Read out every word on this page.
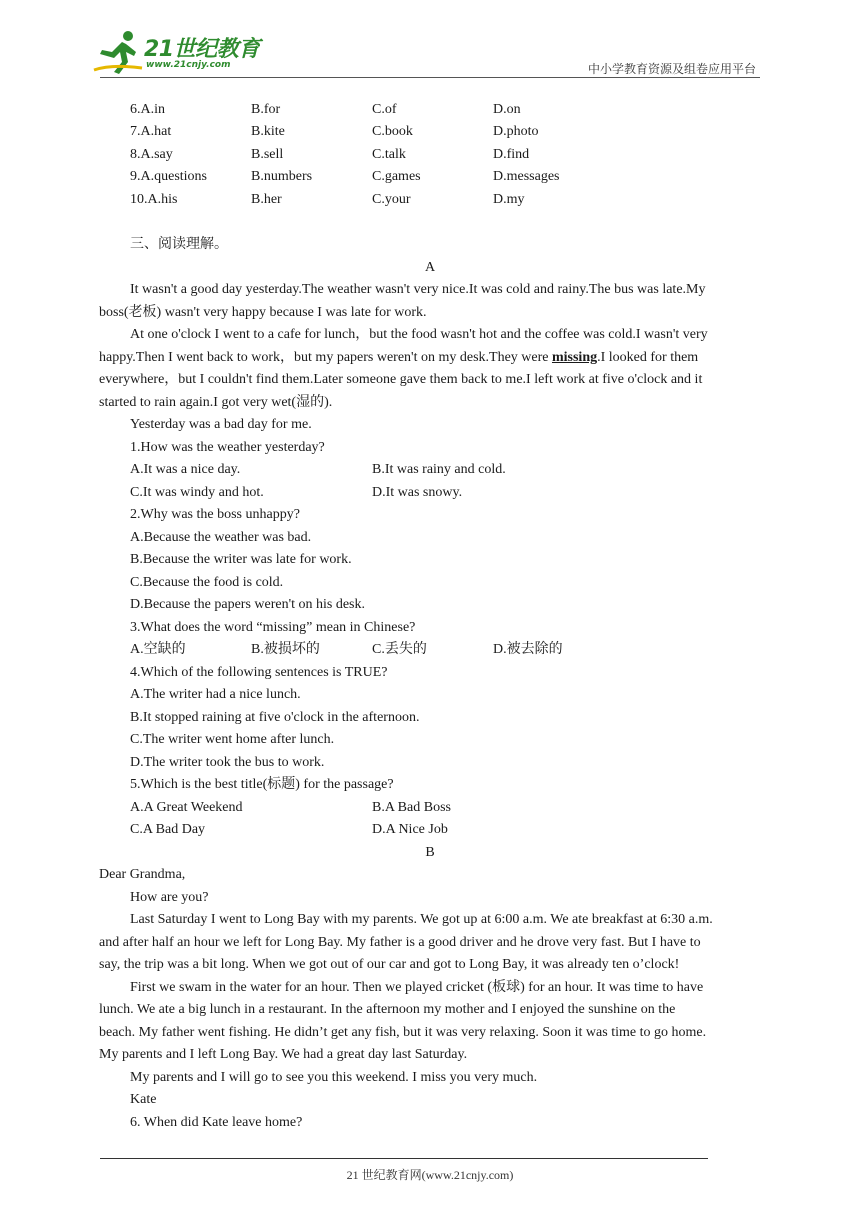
21世纪教育
www.21cnjy.com	中小学教育资源及组卷应用平台
6.A.in	B.for	C.of	D.on
7.A.hat	B.kite	C.book	D.photo
8.A.say	B.sell	C.talk	D.find
9.A.questions	B.numbers	C.games	D.messages
10.A.his	B.her	C.your	D.my
三、阅读理解。
A
It wasn't a good day yesterday.The weather wasn't very nice.It was cold and rainy.The bus was late.My
boss(老板) wasn't very happy because I was late for work.
At one o'clock I went to a cafe for lunch，but the food wasn't hot and the coffee was cold.I wasn't very
happy.Then I went back to work，but my papers weren't on my desk.They were missing.I looked for them
everywhere，but I couldn't find them.Later someone gave them back to me.I left work at five o'clock and it
started to rain again.I got very wet(湿的).
Yesterday was a bad day for me.
1.How was the weather yesterday?
A.It was a nice day.	B.It was rainy and cold.
C.It was windy and hot.	D.It was snowy.
2.Why was the boss unhappy?
A.Because the weather was bad.
B.Because the writer was late for work.
C.Because the food is cold.
D.Because the papers weren't on his desk.
3.What does the word “missing” mean in Chinese?
A.空缺的	B.被损坏的	C.丢失的	D.被去除的
4.Which of the following sentences is TRUE?
A.The writer had a nice lunch.
B.It stopped raining at five o'clock in the afternoon.
C.The writer went home after lunch.
D.The writer took the bus to work.
5.Which is the best title(标题) for the passage?
A.A Great Weekend	B.A Bad Boss
C.A Bad Day	D.A Nice Job
B
Dear Grandma,
How are you?
Last Saturday I went to Long Bay with my parents. We got up at 6:00 a.m. We ate breakfast at 6:30 a.m.
and after half an hour we left for Long Bay. My father is a good driver and he drove very fast. But I have to
say, the trip was a bit long. When we got out of our car and got to Long Bay, it was already ten o’clock!
First we swam in the water for an hour. Then we played cricket (板球) for an hour. It was time to have
lunch. We ate a big lunch in a restaurant. In the afternoon my mother and I enjoyed the sunshine on the
beach. My father went fishing. He didn’t get any fish, but it was very relaxing. Soon it was time to go home.
My parents and I left Long Bay. We had a great day last Saturday.
My parents and I will go to see you this weekend. I miss you very much.
Kate
6. When did Kate leave home?
21 世纪教育网(www.21cnjy.com)
